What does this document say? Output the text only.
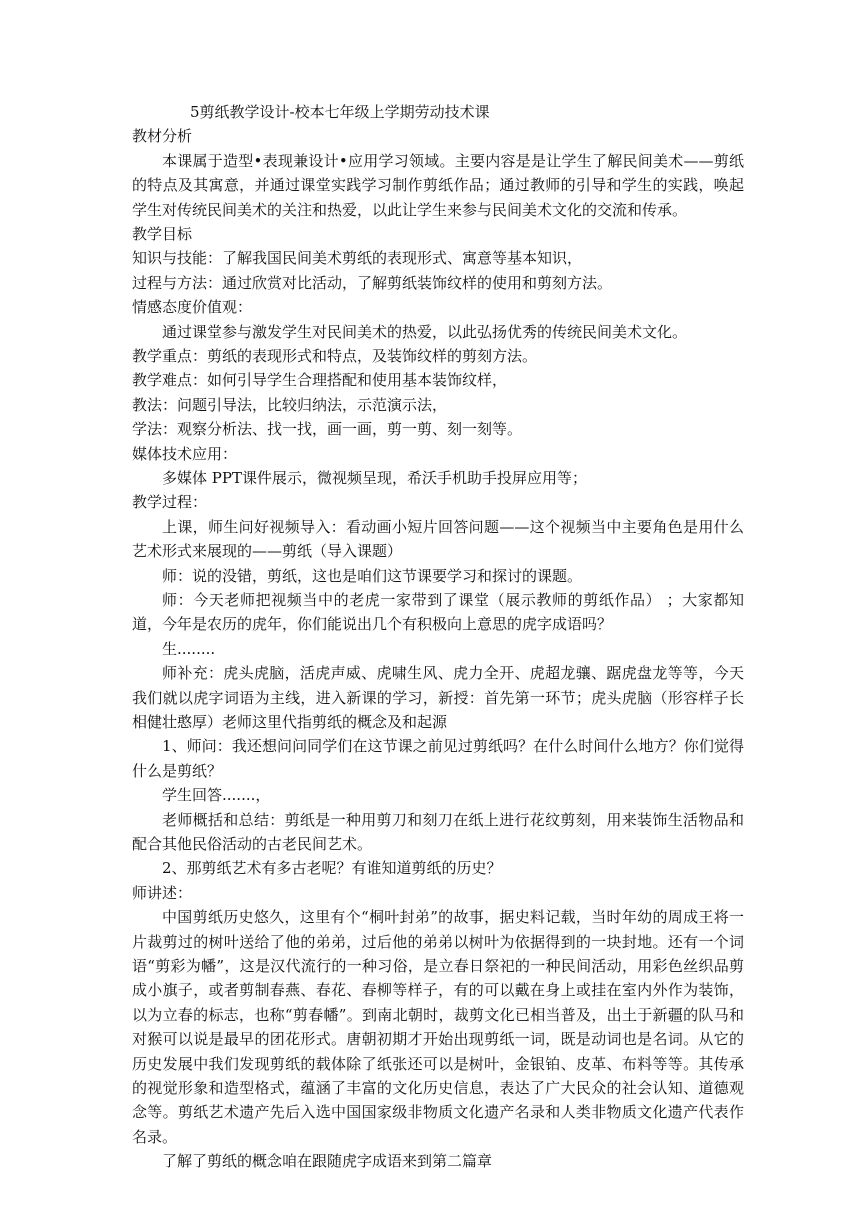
5剪纸教学设计-校本七年级上学期劳动技术课
教材分析

本课属于造型•表现兼设计•应用学习领域。主要内容是是让学生了解民间美术——剪纸的特点及其寓意，并通过课堂实践学习制作剪纸作品；通过教师的引导和学生的实践，唤起学生对传统民间美术的关注和热爱，以此让学生来参与民间美术文化的交流和传承。

教学目标
知识与技能：了解我国民间美术剪纸的表现形式、寓意等基本知识，
过程与方法：通过欣赏对比活动，了解剪纸装饰纹样的使用和剪刻方法。
情感态度价值观：
通过课堂参与激发学生对民间美术的热爱，以此弘扬优秀的传统民间美术文化。
教学重点：剪纸的表现形式和特点，及装饰纹样的剪刻方法。
教学难点：如何引导学生合理搭配和使用基本装饰纹样，
教法：问题引导法，比较归纳法，示范演示法，
学法：观察分析法、找一找，画一画，剪一剪、刻一刻等。
媒体技术应用：
多媒体 PPT课件展示，微视频呈现，希沃手机助手投屏应用等；
教学过程：

上课，师生问好视频导入：看动画小短片回答问题——这个视频当中主要角色是用什么艺术形式来展现的——剪纸（导入课题）

师：说的没错，剪纸，这也是咱们这节课要学习和探讨的课题。

师：今天老师把视频当中的老虎一家带到了课堂（展示教师的剪纸作品） ；大家都知道，今年是农历的虎年，你们能说出几个有积极向上意思的虎字成语吗？

生........

师补充：虎头虎脑，活虎声威、虎啸生风、虎力全开、虎超龙骧、踞虎盘龙等等，今天我们就以虎字词语为主线，进入新课的学习，新授：首先第一环节；虎头虎脑（形容样子长相健壮憨厚）老师这里代指剪纸的概念及和起源

1、师问：我还想问问同学们在这节课之前见过剪纸吗？在什么时间什么地方？你们觉得什么是剪纸？

学生回答.......，

老师概括和总结：剪纸是一种用剪刀和刻刀在纸上进行花纹剪刻，用来装饰生活物品和配合其他民俗活动的古老民间艺术。

2、那剪纸艺术有多古老呢？有谁知道剪纸的历史？
师讲述：

中国剪纸历史悠久，这里有个“桐叶封弟”的故事，据史料记载，当时年幼的周成王将一片裁剪过的树叶送给了他的弟弟，过后他的弟弟以树叶为依据得到的一块封地。还有一个词语“剪彩为幡”，这是汉代流行的一种习俗，是立春日祭祀的一种民间活动，用彩色丝织品剪成小旗子，或者剪制春燕、春花、春柳等样子，有的可以戴在身上或挂在室内外作为装饰，以为立春的标志，也称“剪春幡”。到南北朝时，裁剪文化已相当普及，出土于新疆的队马和对猴可以说是最早的团花形式。唐朝初期才开始出现剪纸一词，既是动词也是名词。从它的历史发展中我们发现剪纸的载体除了纸张还可以是树叶，金银铂、皮革、布料等等。其传承的视觉形象和造型格式，蕴涵了丰富的文化历史信息，表达了广大民众的社会认知、道德观念等。剪纸艺术遗产先后入选中国国家级非物质文化遗产名录和人类非物质文化遗产代表作名录。

了解了剪纸的概念咱在跟随虎字成语来到第二篇章
